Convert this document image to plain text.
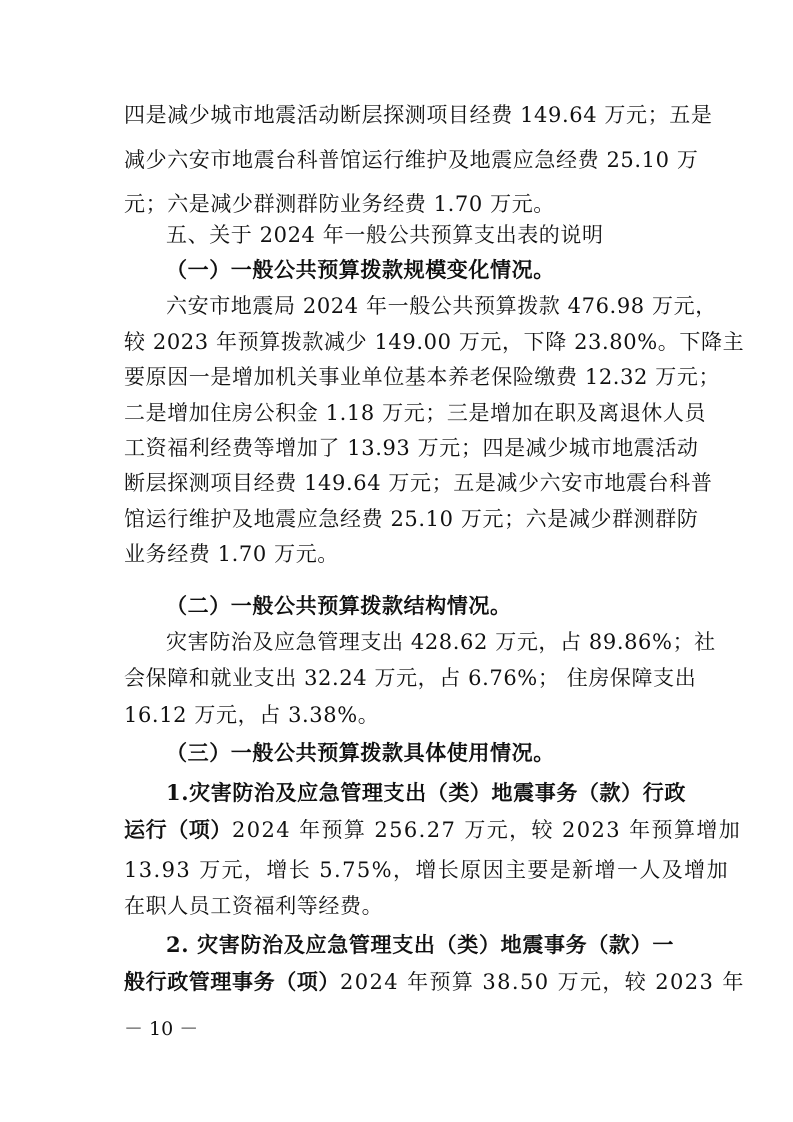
四是减少城市地震活动断层探测项目经费 149.64 万元；五是
减少六安市地震台科普馆运行维护及地震应急经费 25.10 万
元；六是减少群测群防业务经费 1.70 万元。
五、关于 2024 年一般公共预算支出表的说明
（一）一般公共预算拨款规模变化情况。
六安市地震局 2024 年一般公共预算拨款 476.98 万元，
较 2023 年预算拨款减少 149.00 万元，下降 23.80%。下降主
要原因一是增加机关事业单位基本养老保险缴费 12.32 万元；
二是增加住房公积金 1.18 万元；三是增加在职及离退休人员
工资福利经费等增加了 13.93 万元；四是减少城市地震活动
断层探测项目经费 149.64 万元；五是减少六安市地震台科普
馆运行维护及地震应急经费 25.10 万元；六是减少群测群防
业务经费 1.70 万元。
（二）一般公共预算拨款结构情况。
灾害防治及应急管理支出 428.62 万元，占 89.86%；社
会保障和就业支出 32.24 万元，占 6.76%； 住房保障支出
16.12 万元，占 3.38%。
（三）一般公共预算拨款具体使用情况。
1.灾害防治及应急管理支出（类）地震事务（款）行政
运行（项） 2024 年预算 256.27 万元，较 2023 年预算增加
13.93 万元，增长 5.75%，增长原因主要是新增一人及增加
在职人员工资福利等经费。
2. 灾害防治及应急管理支出（类）地震事务（款）一
般行政管理事务（项） 2024 年预算 38.50 万元，较 2023 年
－ 10 －
